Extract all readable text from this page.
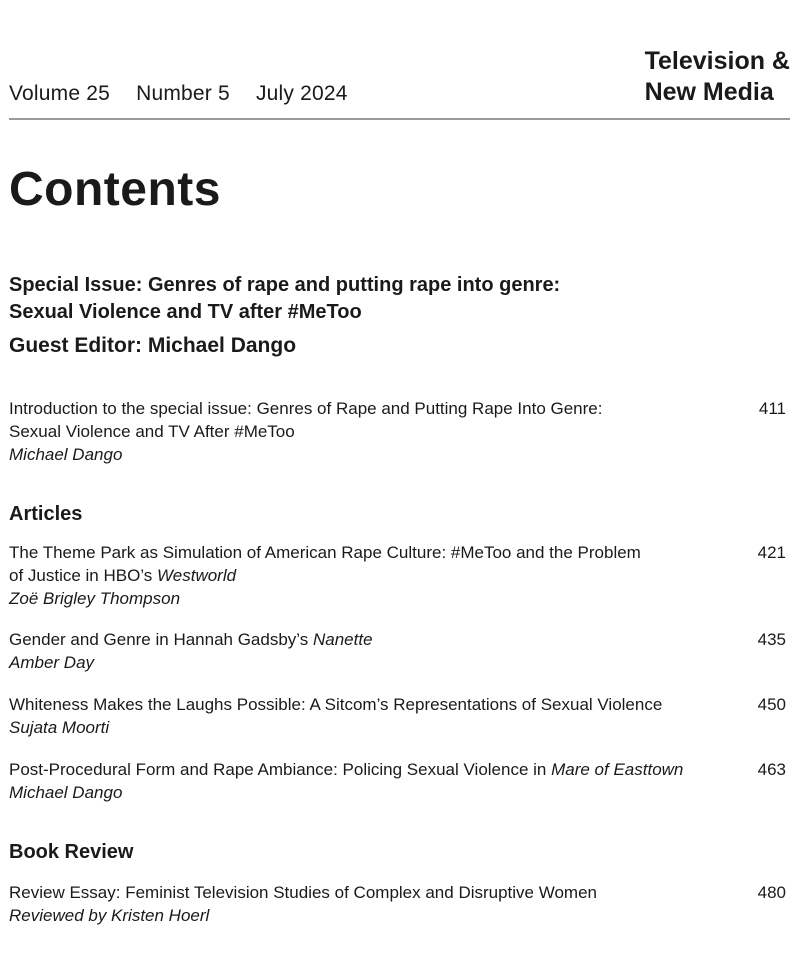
Volume 25 Number 5 July 2024
Television &
New Media
Contents
Special Issue: Genres of rape and putting rape into genre:
Sexual Violence and TV after #MeToo
Guest Editor: Michael Dango
Introduction to the special issue: Genres of Rape and Putting Rape Into Genre:
Sexual Violence and TV After #MeToo
Michael Dango
411
Articles
The Theme Park as Simulation of American Rape Culture: #MeToo and the Problem
of Justice in HBO’s Westworld
Zoë Brigley Thompson
421
Gender and Genre in Hannah Gadsby’s Nanette
Amber Day
435
Whiteness Makes the Laughs Possible: A Sitcom’s Representations of Sexual Violence
Sujata Moorti
450
Post-Procedural Form and Rape Ambiance: Policing Sexual Violence in Mare of Easttown
Michael Dango
463
Book Review
Review Essay: Feminist Television Studies of Complex and Disruptive Women
Reviewed by Kristen Hoerl
480
